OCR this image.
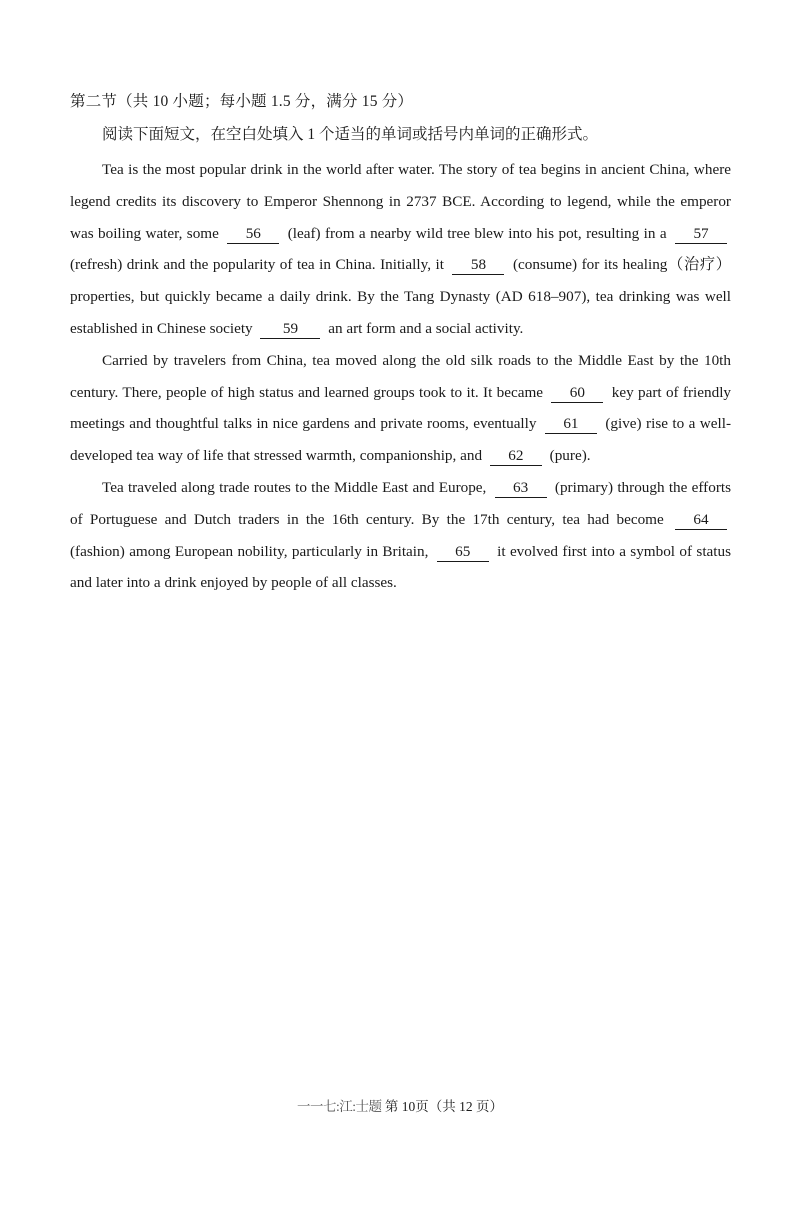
第二节（共 10 小题；每小题 1.5 分，满分 15 分）
阅读下面短文，在空白处填入 1 个适当的单词或括号内单词的正确形式。

Tea is the most popular drink in the world after water. The story of tea begins in ancient China, where legend credits its discovery to Emperor Shennong in 2737 BCE. According to legend, while the emperor was boiling water, some 56 (leaf) from a nearby wild tree blew into his pot, resulting in a 57 (refresh) drink and the popularity of tea in China. Initially, it 58 (consume) for its healing（治疗）properties, but quickly became a daily drink. By the Tang Dynasty (AD 618–907), tea drinking was well established in Chinese society 59 an art form and a social activity.

Carried by travelers from China, tea moved along the old silk roads to the Middle East by the 10th century. There, people of high status and learned groups took to it. It became 60 key part of friendly meetings and thoughtful talks in nice gardens and private rooms, eventually 61 (give) rise to a well-developed tea way of life that stressed warmth, companionship, and 62 (pure).

Tea traveled along trade routes to the Middle East and Europe, 63 (primary) through the efforts of Portuguese and Dutch traders in the 16th century. By the 17th century, tea had become 64 (fashion) among European nobility, particularly in Britain, 65 it evolved first into a symbol of status and later into a drink enjoyed by people of all classes.

一一七:江:士题 第 10页（共 12 页）
